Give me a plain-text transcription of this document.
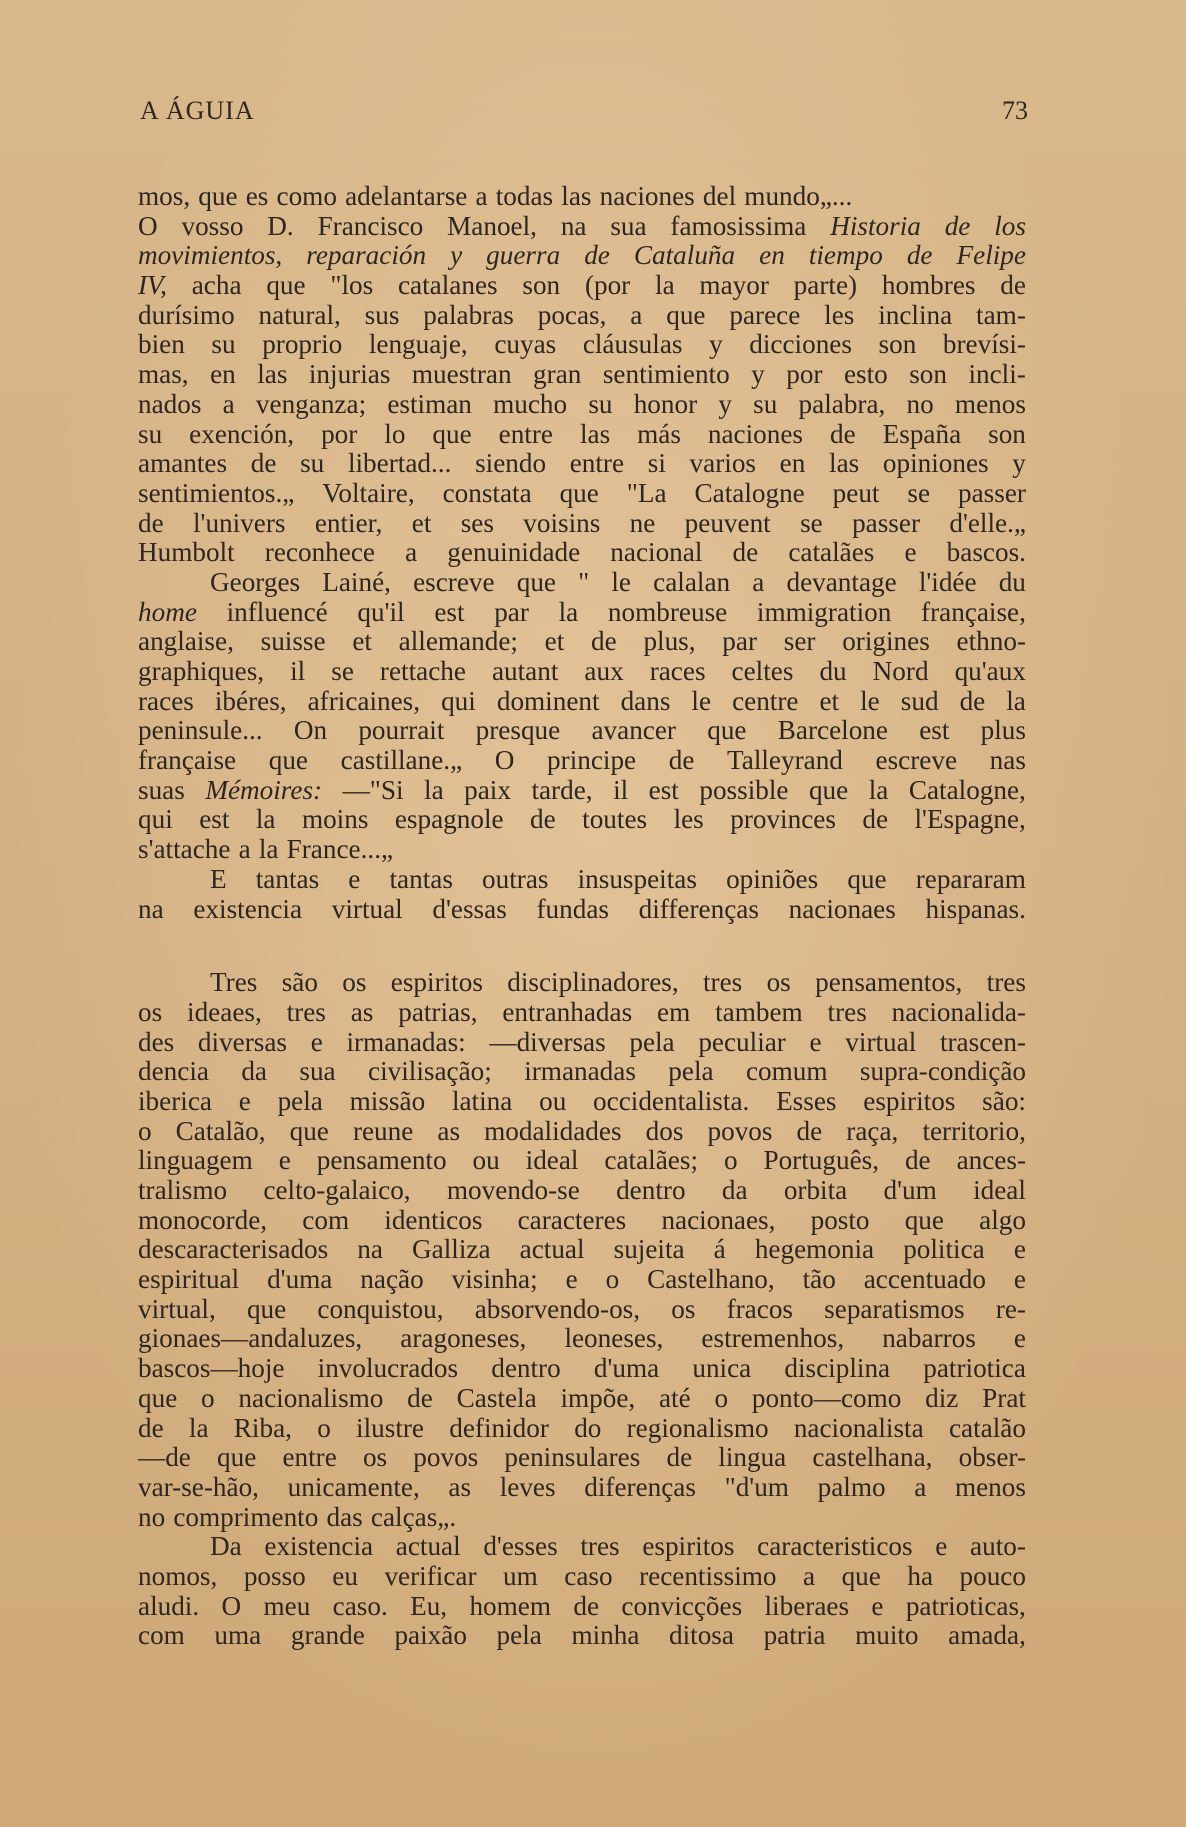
A ÁGUIA	73
mos, que es como adelantarse a todas las naciones del mundo„...
O vosso D. Francisco Manoel, na sua famosissima Historia de los
movimientos, reparación y guerra de Cataluña en tiempo de Felipe
IV, acha que "los catalanes son (por la mayor parte) hombres de
durísimo natural, sus palabras pocas, a que parece les inclina tam-
bien su proprio lenguaje, cuyas cláusulas y dicciones son brevísi-
mas, en las injurias muestran gran sentimiento y por esto son incli-
nados a venganza; estiman mucho su honor y su palabra, no menos
su exención, por lo que entre las más naciones de España son
amantes de su libertad... siendo entre si varios en las opiniones y
sentimientos.„ Voltaire, constata que "La Catalogne peut se passer
de l'univers entier, et ses voisins ne peuvent se passer d'elle.„
Humbolt reconhece a genuinidade nacional de catalães e bascos.
Georges Lainé, escreve que " le calalan a devantage l'idée du
home influencé qu'il est par la nombreuse immigration française,
anglaise, suisse et allemande; et de plus, par ser origines ethno-
graphiques, il se rettache autant aux races celtes du Nord qu'aux
races ibéres, africaines, qui dominent dans le centre et le sud de la
peninsule... On pourrait presque avancer que Barcelone est plus
française que castillane.„ O principe de Talleyrand escreve nas
suas Mémoires: —"Si la paix tarde, il est possible que la Catalogne,
qui est la moins espagnole de toutes les provinces de l'Espagne,
s'attache a la France...„
E tantas e tantas outras insuspeitas opiniões que repararam
na existencia virtual d'essas fundas differenças nacionaes hispanas.
Tres são os espiritos disciplinadores, tres os pensamentos, tres
os ideaes, tres as patrias, entranhadas em tambem tres nacionalida-
des diversas e irmanadas: —diversas pela peculiar e virtual trascen-
dencia da sua civilisação; irmanadas pela comum supra-condição
iberica e pela missão latina ou occidentalista. Esses espiritos são:
o Catalão, que reune as modalidades dos povos de raça, territorio,
linguagem e pensamento ou ideal catalães; o Português, de ances-
tralismo celto-galaico, movendo-se dentro da orbita d'um ideal
monocorde, com identicos caracteres nacionaes, posto que algo
descaracterisados na Galliza actual sujeita á hegemonia politica e
espiritual d'uma nação visinha; e o Castelhano, tão accentuado e
virtual, que conquistou, absorvendo-os, os fracos separatismos re-
gionaes—andaluzes, aragoneses, leoneses, estremenhos, nabarros e
bascos—hoje involucrados dentro d'uma unica disciplina patriotica
que o nacionalismo de Castela impõe, até o ponto—como diz Prat
de la Riba, o ilustre definidor do regionalismo nacionalista catalão
—de que entre os povos peninsulares de lingua castelhana, obser-
var-se-hão, unicamente, as leves diferenças "d'um palmo a menos
no comprimento das calças„.
Da existencia actual d'esses tres espiritos caracteristicos e auto-
nomos, posso eu verificar um caso recentissimo a que ha pouco
aludi. O meu caso. Eu, homem de convicções liberaes e patrioticas,
com uma grande paixão pela minha ditosa patria muito amada,
